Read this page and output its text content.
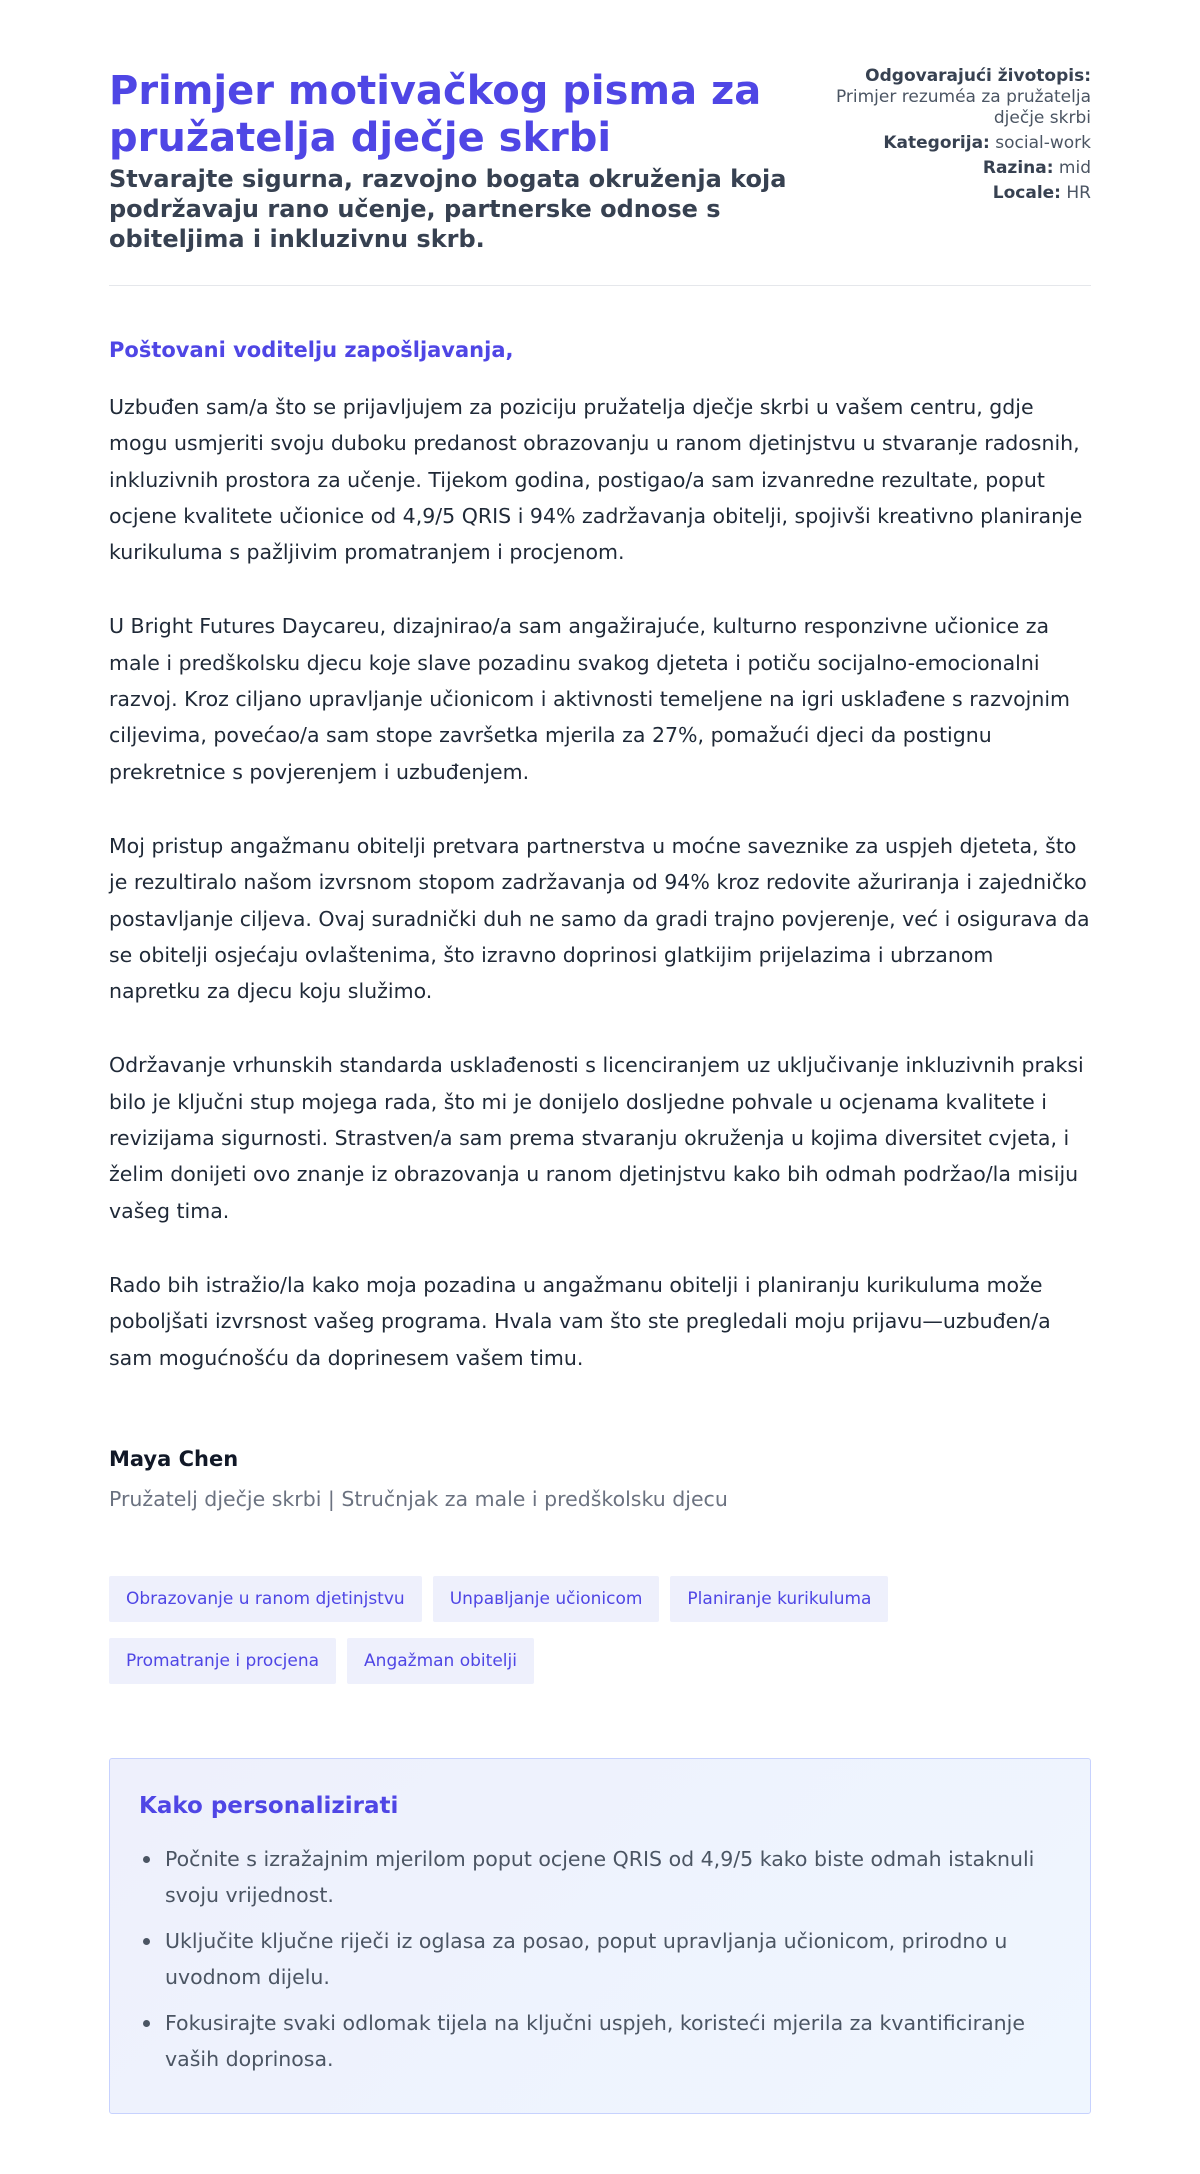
Primjer motivačkog pisma za pružatelja dječje skrbi
Stvarajte sigurna, razvojno bogata okruženja koja podržavaju rano učenje, partnerske odnose s obiteljima i inkluzivnu skrb.
Odgovarajući životopis:
Primjer rezuméa za pružatelja dječje skrbi
Kategorija: social-work
Razina: mid
Locale: HR

Poštovani voditelju zapošljavanja,

Uzbuđen sam/a što se prijavljujem za poziciju pružatelja dječje skrbi u vašem centru, gdje mogu usmjeriti svoju duboku predanost obrazovanju u ranom djetinjstvu u stvaranje radosnih, inkluzivnih prostora za učenje. Tijekom godina, postigao/a sam izvanredne rezultate, poput ocjene kvalitete učionice od 4,9/5 QRIS i 94% zadržavanja obitelji, spojivši kreativno planiranje kurikuluma s pažljivim promatranjem i procjenom.

U Bright Futures Daycareu, dizajnirao/a sam angažirajuće, kulturno responzivne učionice za male i predškolsku djecu koje slave pozadinu svakog djeteta i potiču socijalno-emocionalni razvoj. Kroz ciljano upravljanje učionicom i aktivnosti temeljene na igri usklađene s razvojnim ciljevima, povećao/a sam stope završetka mjerila za 27%, pomažući djeci da postignu prekretnice s povjerenjem i uzbuđenjem.

Moj pristup angažmanu obitelji pretvara partnerstva u moćne saveznike za uspjeh djeteta, što je rezultiralo našom izvrsnom stopom zadržavanja od 94% kroz redovite ažuriranja i zajedničko postavljanje ciljeva. Ovaj suradnički duh ne samo da gradi trajno povjerenje, već i osigurava da se obitelji osjećaju ovlaštenima, što izravno doprinosi glatkijim prijelazima i ubrzanom napretku za djecu koju služimo.

Održavanje vrhunskih standarda usklađenosti s licenciranjem uz uključivanje inkluzivnih praksi bilo je ključni stup mojega rada, što mi je donijelo dosljedne pohvale u ocjenama kvalitete i revizijama sigurnosti. Strastven/a sam prema stvaranju okruženja u kojima diversitet cvjeta, i želim donijeti ovo znanje iz obrazovanja u ranom djetinjstvu kako bih odmah podržao/la misiju vašeg tima.

Rado bih istražio/la kako moja pozadina u angažmanu obitelji i planiranju kurikuluma može poboljšati izvrsnost vašeg programa. Hvala vam što ste pregledali moju prijavu—uzbuđen/a sam mogućnošću da doprinesem vašem timu.

Maya Chen

Pružatelj dječje skrbi | Stručnjak za male i predškolsku djecu

Obrazovanje u ranom djetinjstvu	Unpaвljanje učionicom	Planiranje kurikuluma
Promatranje i procjena	Angažman obitelji
Kako personalizirati
Počnite s izražajnim mjerilom poput ocjene QRIS od 4,9/5 kako biste odmah istaknuli svoju vrijednost.
Uključite ključne riječi iz oglasa za posao, poput upravljanja učionicom, prirodno u uvodnom dijelu.
Fokusirajte svaki odlomak tijela na ključni uspjeh, koristeći mjerila za kvantificiranje vaših doprinosa.
